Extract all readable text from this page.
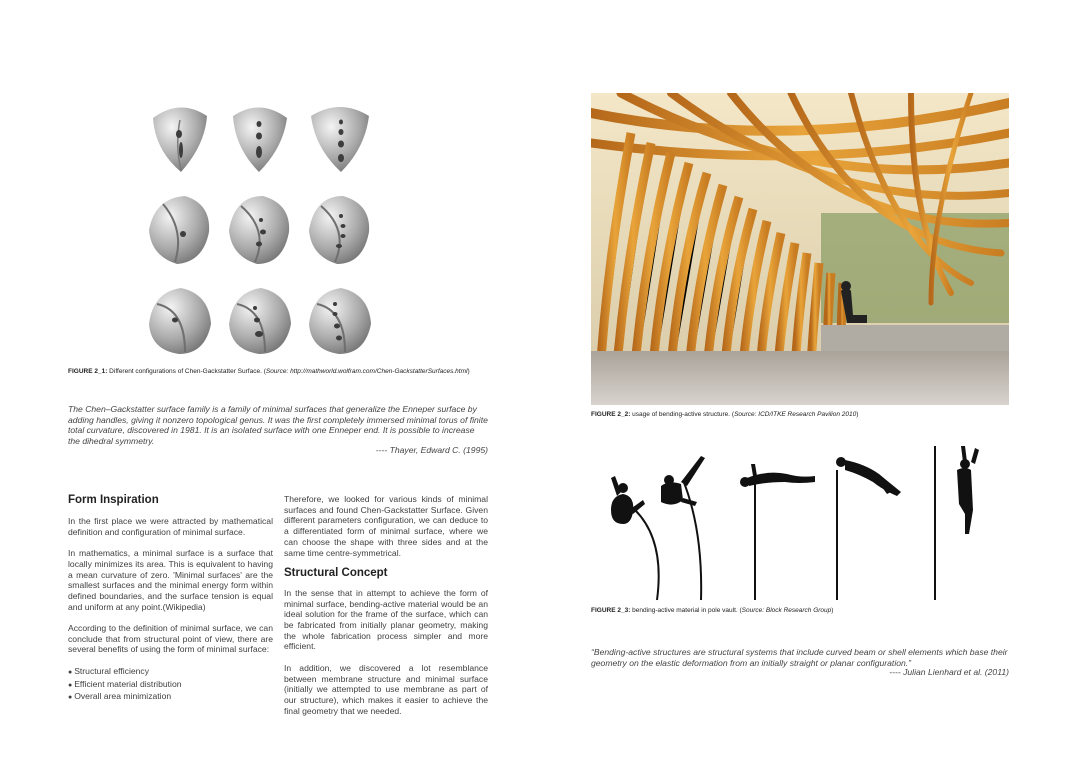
FIGURE 2_1: Different configurations of Chen-Gackstatter Surface. (Source: http://mathworld.wolfram.com/Chen-GackstatterSurfaces.html)
The Chen–Gackstatter surface family is a family of minimal surfaces that generalize the Enneper surface by adding handles, giving it nonzero topological genus. It was the first completely immersed minimal torus of finite total curvature, discovered in 1981. It is an isolated surface with one Enneper end. It is possible to increase the dihedral symmetry.
---- Thayer, Edward C. (1995)
Form Inspiration

In the first place we were attracted by mathematical definition and configuration of minimal surface.

In mathematics, a minimal surface is a surface that locally minimizes its area. This is equivalent to having a mean curvature of zero. 'Minimal surfaces' are the smallest surfaces and the minimal energy form within defined boundaries, and the surface tension is equal and uniform at any point.(Wikipedia)

According to the definition of minimal surface, we can conclude that from structural point of view, there are several benefits of using the form of minimal surface:

● Structural efficiency
● Efficient material distribution
● Overall area minimization

Therefore, we looked for various kinds of minimal surfaces and found Chen-Gackstatter Surface. Given different parameters configuration, we can deduce to a differentiated form of minimal surface, where we can choose the shape with three sides and at the same time centre-symmetrical.

Structural Concept

In the sense that in attempt to achieve the form of minimal surface, bending-active material would be an ideal solution for the frame of the surface, which can be fabricated from initially planar geometry, making the whole fabrication process simpler and more efficient.

In addition, we discovered a lot resemblance between membrane structure and minimal surface (initially we attempted to use membrane as part of our structure), which makes it easier to achieve the final geometry that we needed.

FIGURE 2_2: usage of bending-active structure. (Source: ICD/ITKE Research Pavilion 2010)
FIGURE 2_3: bending-active material in pole vault. (Source: Block Research Group)
“Bending-active structures are structural systems that include curved beam or shell elements which base their geometry on the elastic deformation from an initially straight or planar configuration.”
---- Julian Lienhard et al. (2011)
